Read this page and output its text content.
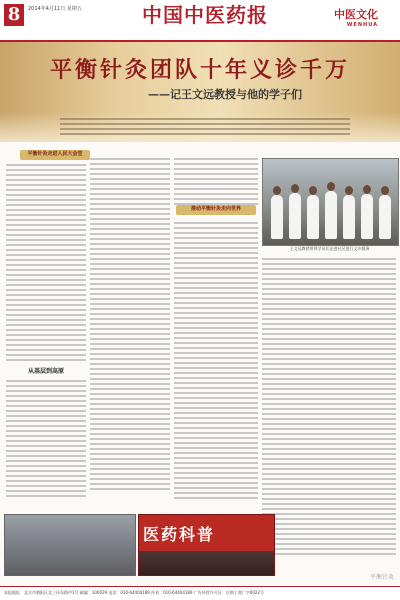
8	2014年4月11日 星期五	中国中医药报	中医文化
WENHUA
平衡针灸团队十年义诊千万
——记王文远教授与他的学子们
平衡针灸走进人民大会堂
从基层到高原
推动平衡针灸走向世界
王文远教授带领学员们走进社区进行义诊服务
医药科普
平衡针灸
本报地址：北京市朝阳区北三环东路甲1号 邮编：100029 电话：010-64404189 传真：010-64404189 广告经营许可证：京朝工商广字0022号
